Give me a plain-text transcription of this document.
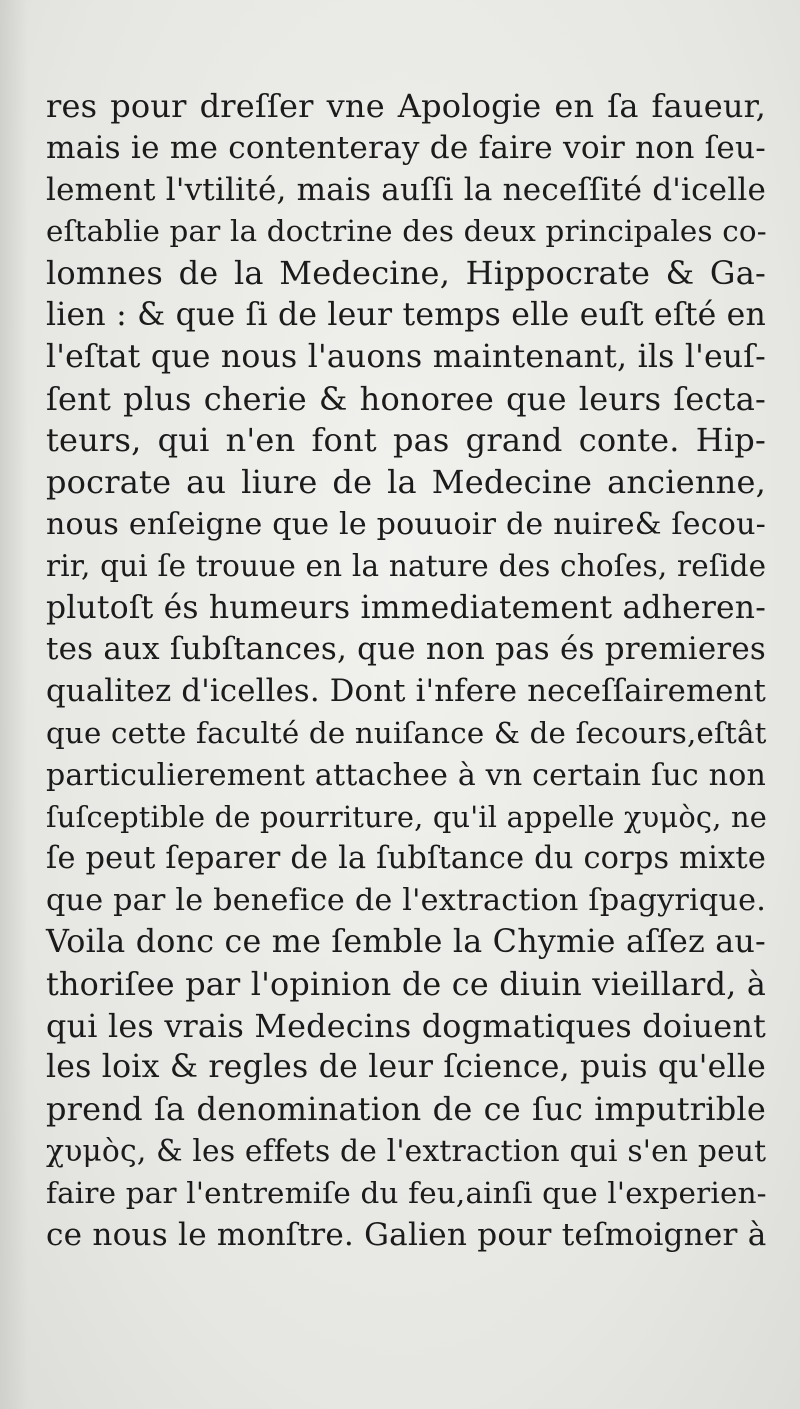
res pour dreſſer vne Apologie en ſa faueur,
mais ie me contenteray de faire voir non ſeu-
lement l'vtilité, mais auſſi la neceſſité d'icelle
eſtablie par la doctrine des deux principales co-
lomnes de la Medecine, Hippocrate & Ga-
lien : & que ſi de leur temps elle euſt eſté en
l'eſtat que nous l'auons maintenant, ils l'euſ-
ſent plus cherie & honoree que leurs ſecta-
teurs, qui n'en font pas grand conte. Hip-
pocrate au liure de la Medecine ancienne,
nous enſeigne que le pouuoir de nuire& ſecou-
rir, qui ſe trouue en la nature des choſes, reſide
plutoſt és humeurs immediatement adheren-
tes aux ſubſtances, que non pas és premieres
qualitez d'icelles. Dont i'nfere neceſſairement
que cette faculté de nuiſance & de ſecours,eſtât
particulierement attachee à vn certain ſuc non
ſuſceptible de pourriture, qu'il appelle χυμὸς, ne
ſe peut ſeparer de la ſubſtance du corps mixte
que par le benefice de l'extraction ſpagyrique.
Voila donc ce me ſemble la Chymie aſſez au-
thoriſee par l'opinion de ce diuin vieillard, à
qui les vrais Medecins dogmatiques doiuent
les loix & regles de leur ſcience, puis qu'elle
prend ſa denomination de ce ſuc imputrible
χυμὸς, & les effets de l'extraction qui s'en peut
faire par l'entremiſe du feu,ainſi que l'experien-
ce nous le monſtre. Galien pour teſmoigner à
